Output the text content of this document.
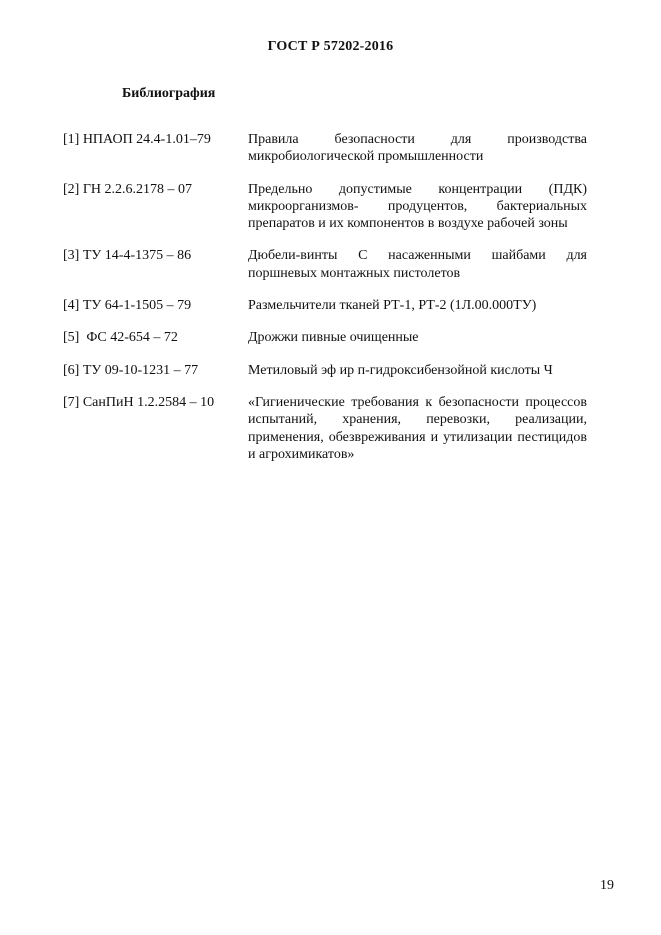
ГОСТ Р 57202-2016
Библиография
[1] НПАОП 24.4-1.01–79	Правила безопасности для производства микробиологической промышленности
[2] ГН 2.2.6.2178 – 07	Предельно допустимые концентрации (ПДК) микроорганизмов- продуцентов, бактериальных препаратов и их компонентов в воздухе рабочей зоны
[3] ТУ 14-4-1375 – 86	Дюбели-винты С насаженными шайбами для поршневых монтажных пистолетов
[4] ТУ 64-1-1505 – 79	Размельчители тканей РТ-1, РТ-2 (1Л.00.000ТУ)
[5]  ФС 42-654 – 72	Дрожжи пивные очищенные
[6] ТУ 09-10-1231 – 77	Метиловый эф ир п-гидроксибензойной кислоты Ч
[7] СанПиН 1.2.2584 – 10	«Гигиенические требования к безопасности процессов испытаний, хранения, перевозки, реализации, применения, обезвреживания и утилизации пестицидов и агрохимикатов»
19
